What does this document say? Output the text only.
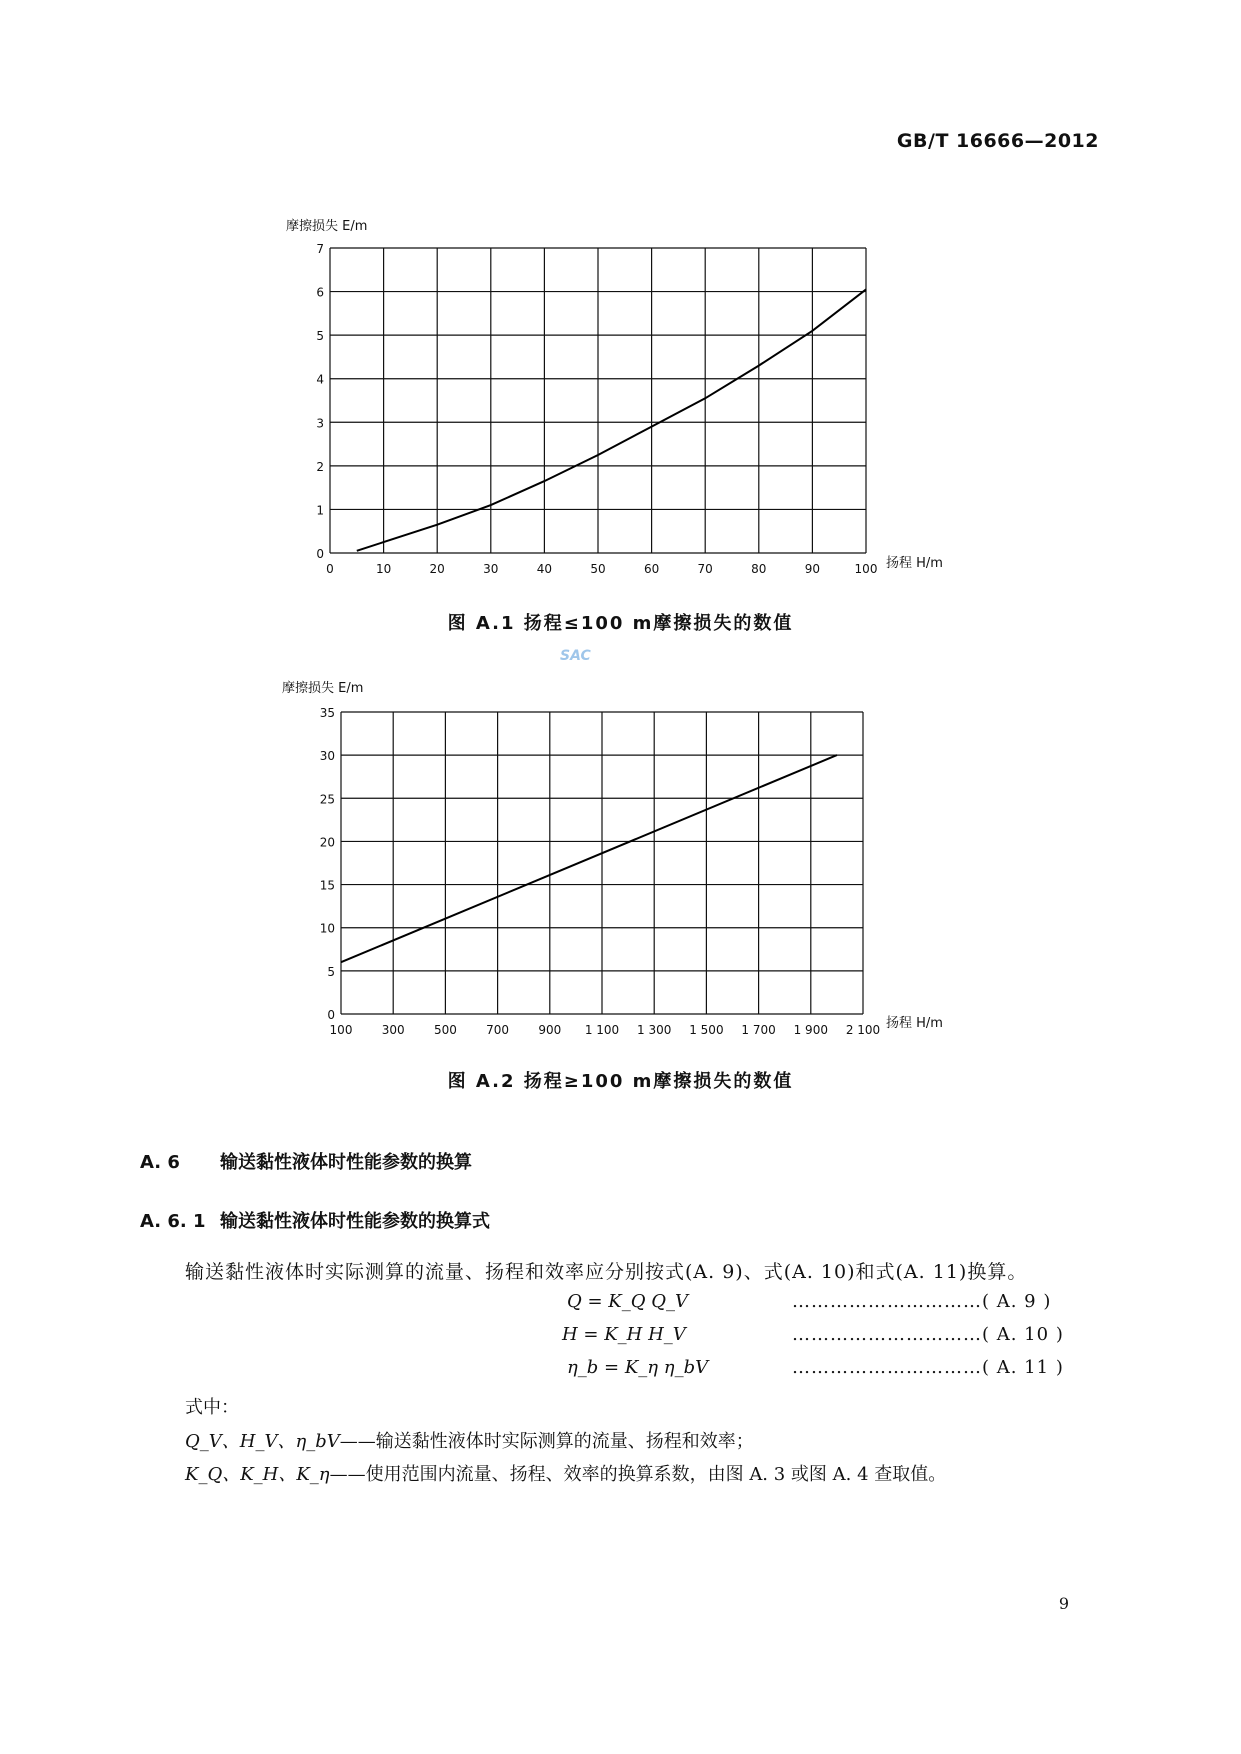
GB/T 16666—2012
摩擦损失 E/m
扬程 H/m
0	10	20	30	40	50	60	70	80	90	100
0
1
2
3
4
5
6
7
图 A.1 扬程≤100 m摩擦损失的数值
SAC
摩擦损失 E/m
扬程 H/m
100 300 500 700 900 1 100 1 300 1 500 1 700 1 900 2 100
0
5
10
15
20
25
30
35
图 A.2 扬程≥100 m摩擦损失的数值
A. 6 输送黏性液体时性能参数的换算
A. 6. 1 输送黏性液体时性能参数的换算式
输送黏性液体时实际测算的流量、扬程和效率应分别按式(A. 9)、式(A. 10)和式(A. 11)换算。
Q = K_Q Q_V	…………………………( A. 9 )
H = K_H H_V	…………………………( A. 10 )
η_b = K_η η_bV	…………………………( A. 11 )
式中：
Q_V、H_V、η_bV——输送黏性液体时实际测算的流量、扬程和效率；
K_Q、K_H、K_η——使用范围内流量、扬程、效率的换算系数，由图 A. 3 或图 A. 4 查取值。
9
